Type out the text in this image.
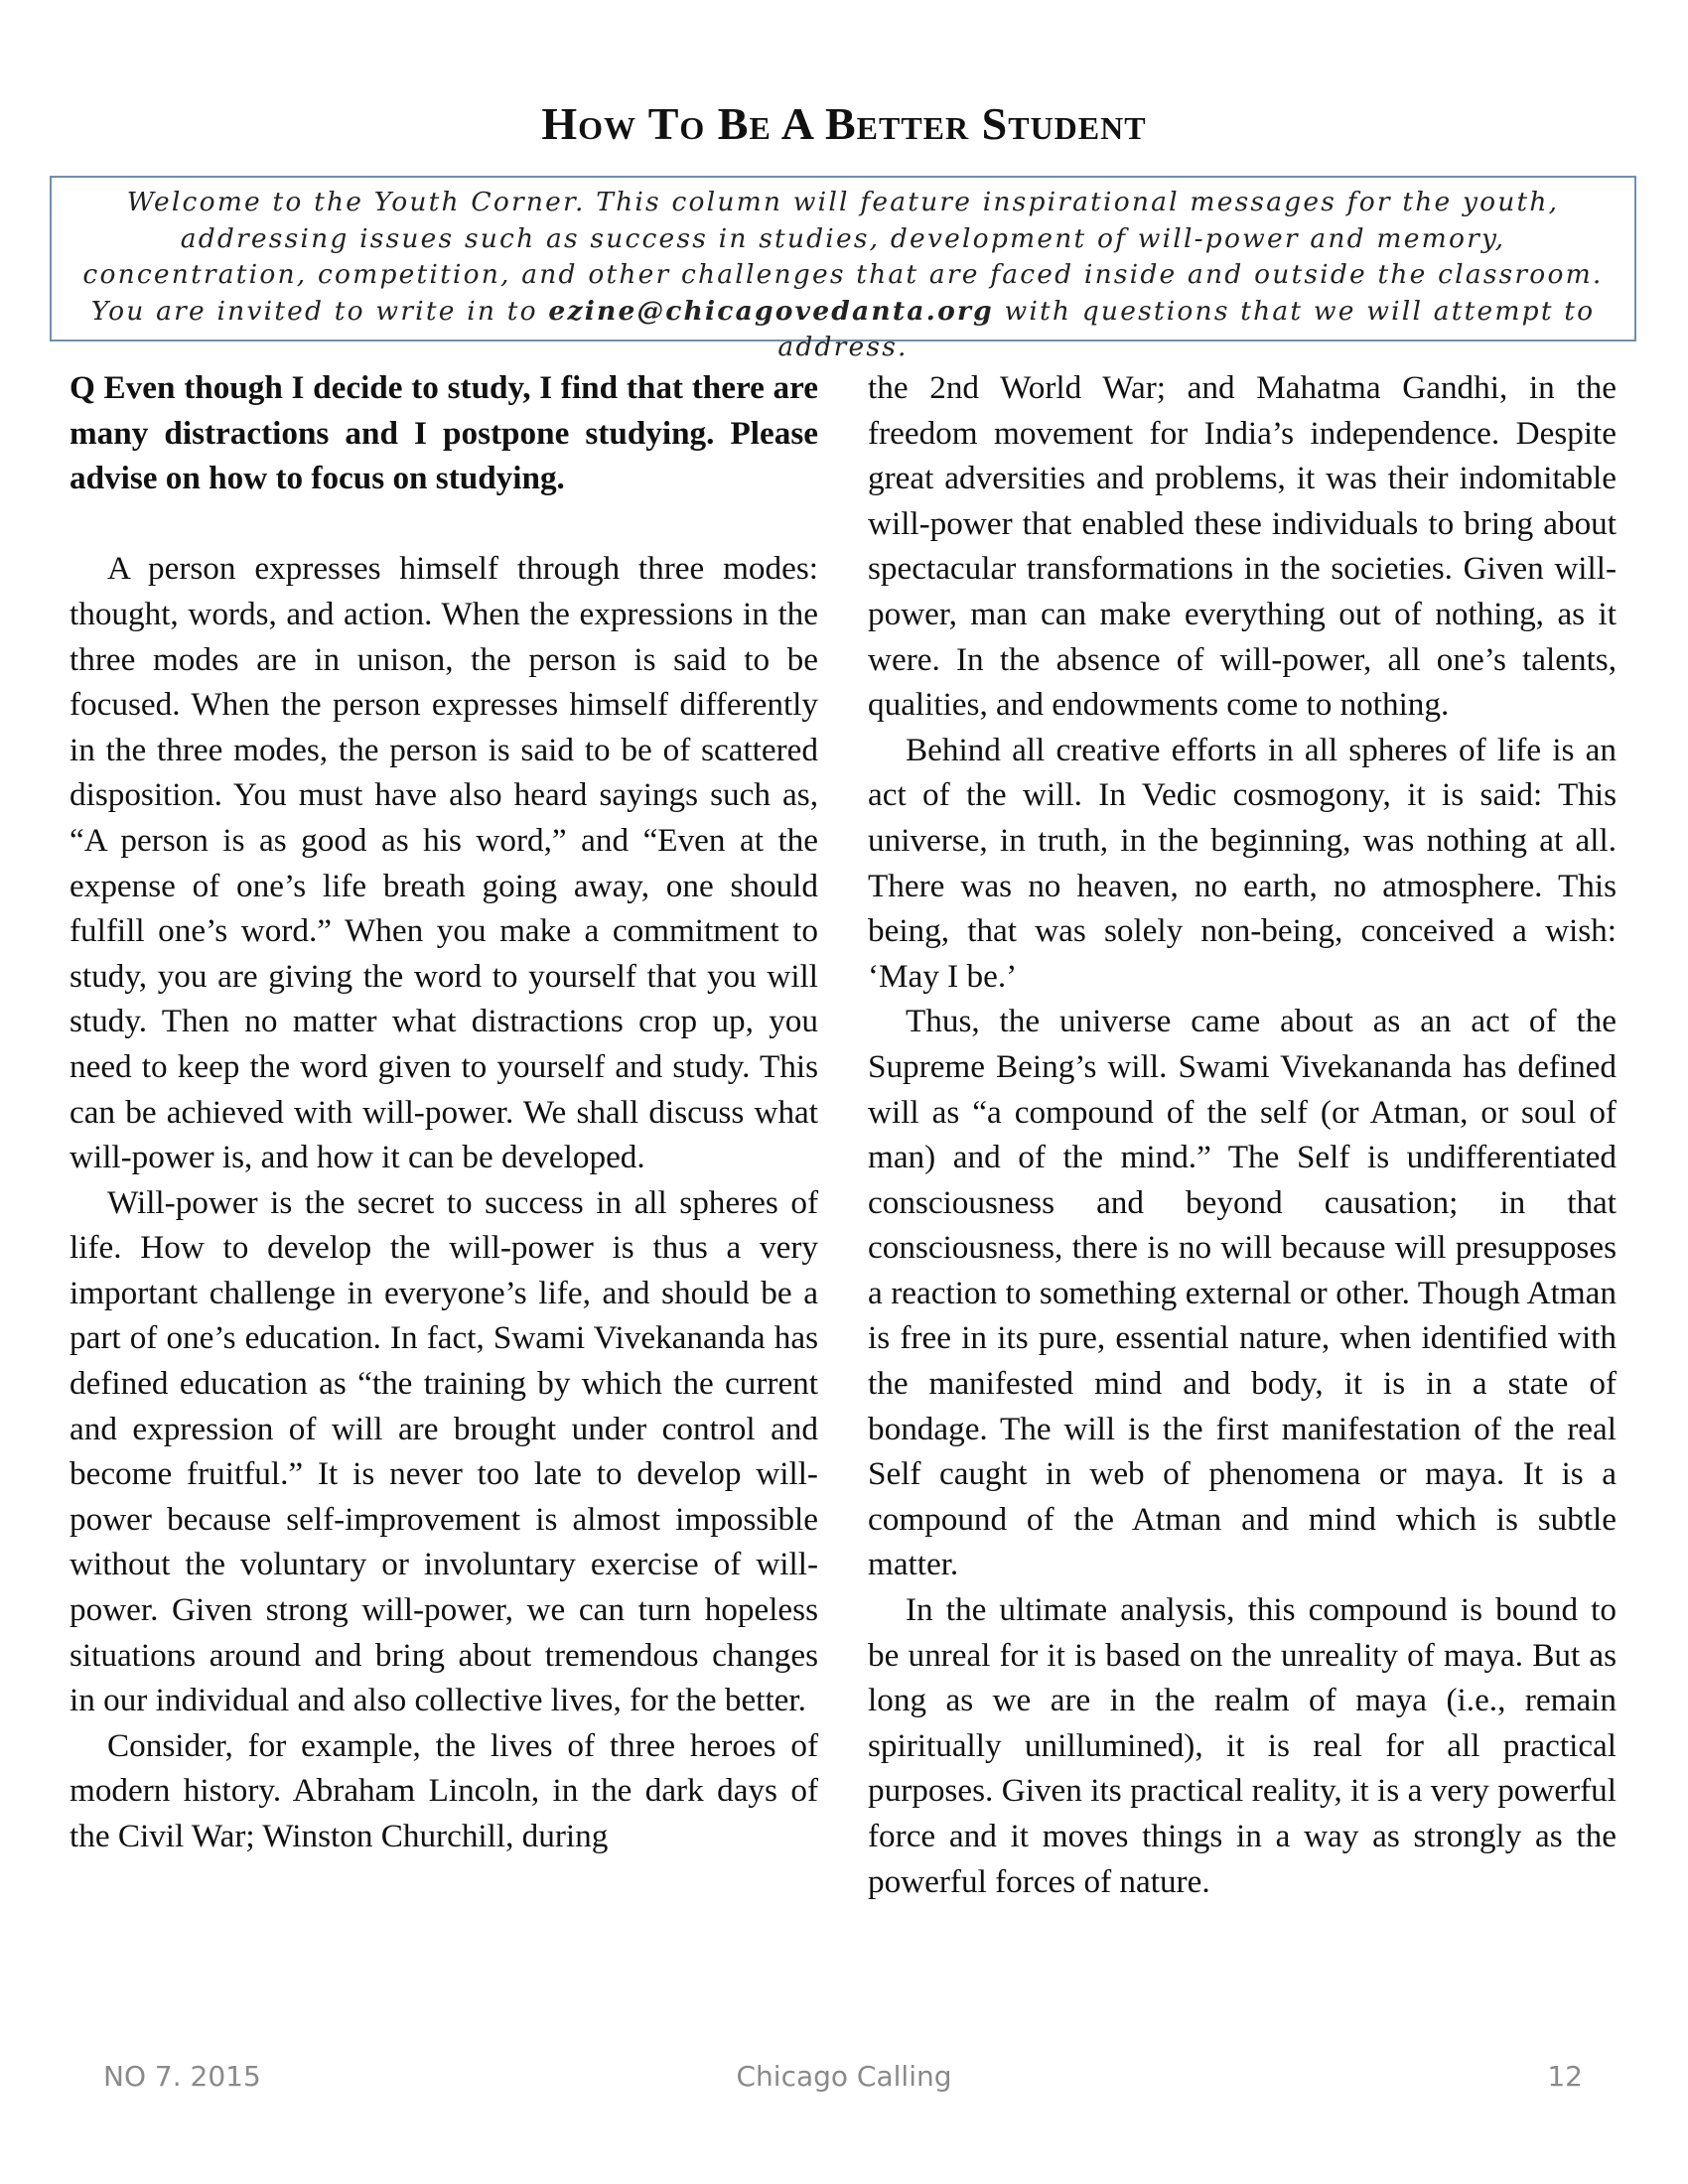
How To Be A Better Student

Welcome to the Youth Corner. This column will feature inspirational messages for the youth, addressing issues such as success in studies, development of will-power and memory, concentration, competition, and other challenges that are faced inside and outside the classroom. You are invited to write in to ezine@chicagovedanta.org with questions that we will attempt to address.

Q Even though I decide to study, I find that there are many distractions and I postpone studying. Please advise on how to focus on studying.

A person expresses himself through three modes: thought, words, and action. When the expressions in the three modes are in unison, the person is said to be focused. When the person expresses himself differently in the three modes, the person is said to be of scattered disposition. You must have also heard sayings such as, “A person is as good as his word,” and “Even at the expense of one’s life breath going away, one should fulfill one’s word.” When you make a commitment to study, you are giving the word to yourself that you will study. Then no matter what distractions crop up, you need to keep the word given to yourself and study. This can be achieved with will-power. We shall discuss what will-power is, and how it can be developed.

Will-power is the secret to success in all spheres of life. How to develop the will-power is thus a very important challenge in everyone’s life, and should be a part of one’s education. In fact, Swami Vivekananda has defined education as “the training by which the current and expression of will are brought under control and become fruitful.” It is never too late to develop will-power because self-improvement is almost impossible without the voluntary or involuntary exercise of will-power. Given strong will-power, we can turn hopeless situations around and bring about tremendous changes in our individual and also collective lives, for the better.

Consider, for example, the lives of three heroes of modern history. Abraham Lincoln, in the dark days of the Civil War; Winston Churchill, during

the 2nd World War; and Mahatma Gandhi, in the freedom movement for India’s independence. Despite great adversities and problems, it was their indomitable will-power that enabled these individuals to bring about spectacular transformations in the societies. Given will-power, man can make everything out of nothing, as it were. In the absence of will-power, all one’s talents, qualities, and endowments come to nothing.

Behind all creative efforts in all spheres of life is an act of the will. In Vedic cosmogony, it is said: This universe, in truth, in the beginning, was nothing at all. There was no heaven, no earth, no atmosphere. This being, that was solely non-being, conceived a wish: ‘May I be.’

Thus, the universe came about as an act of the Supreme Being’s will. Swami Vivekananda has defined will as “a compound of the self (or Atman, or soul of man) and of the mind.” The Self is undifferentiated consciousness and beyond causation; in that consciousness, there is no will because will presupposes a reaction to something external or other. Though Atman is free in its pure, essential nature, when identified with the manifested mind and body, it is in a state of bondage. The will is the first manifestation of the real Self caught in web of phenomena or maya. It is a compound of the Atman and mind which is subtle matter.

In the ultimate analysis, this compound is bound to be unreal for it is based on the unreality of maya. But as long as we are in the realm of maya (i.e., remain spiritually unillumined), it is real for all practical purposes. Given its practical reality, it is a very powerful force and it moves things in a way as strongly as the powerful forces of nature.

NO 7. 2015	Chicago Calling	12
